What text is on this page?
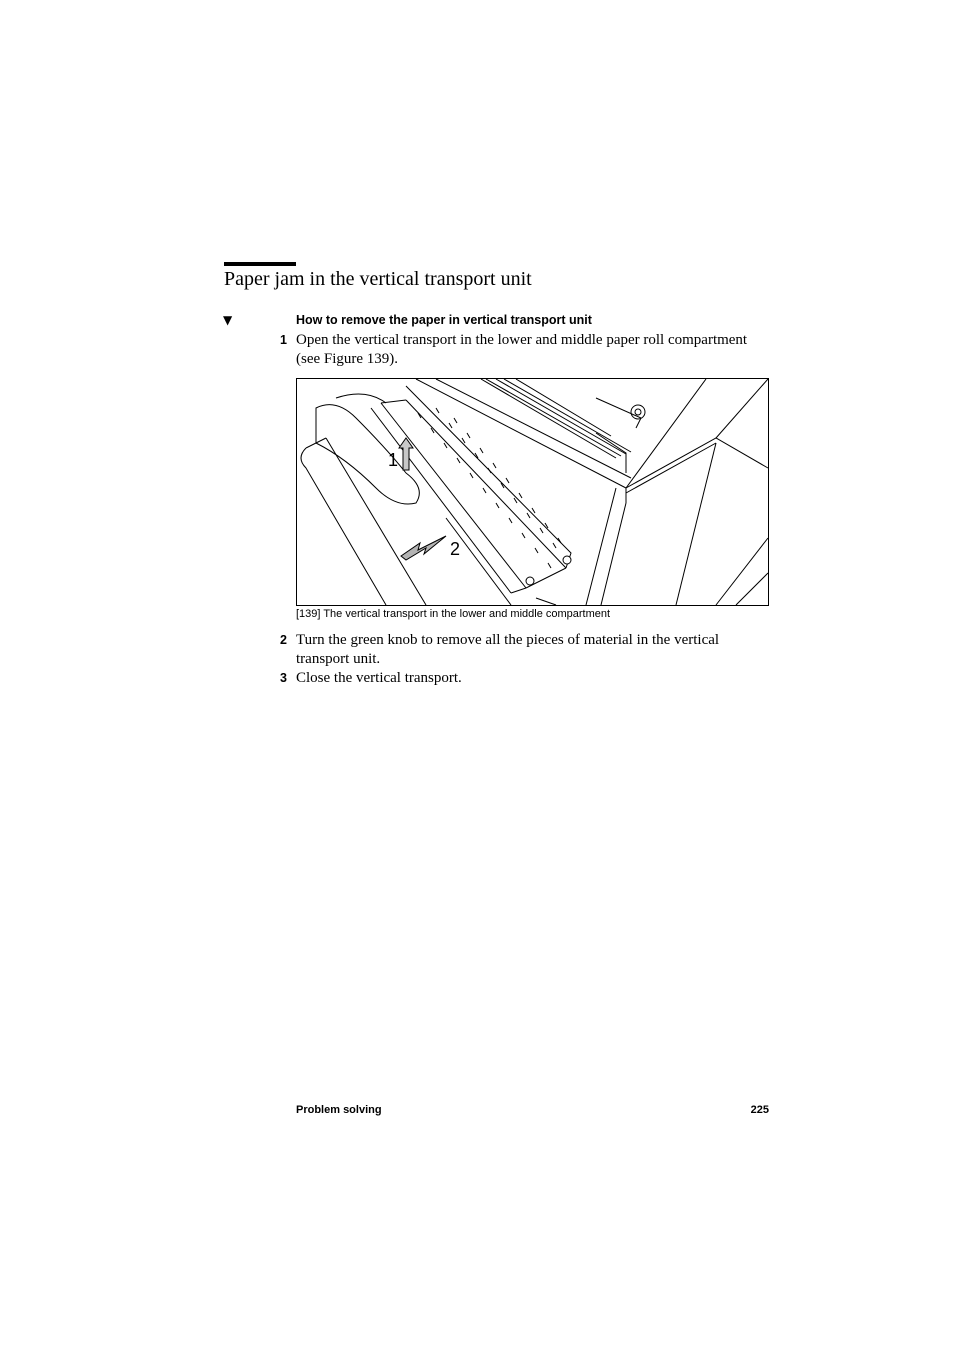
Paper jam in the vertical transport unit
▼	How to remove the paper in vertical transport unit
1 Open the vertical transport in the lower and middle paper roll compartment (see Figure 139).
1
2
[139] The vertical transport in the lower and middle compartment
2 Turn the green knob to remove all the pieces of material in the vertical transport unit.
3 Close the vertical transport.
Problem solving	225
